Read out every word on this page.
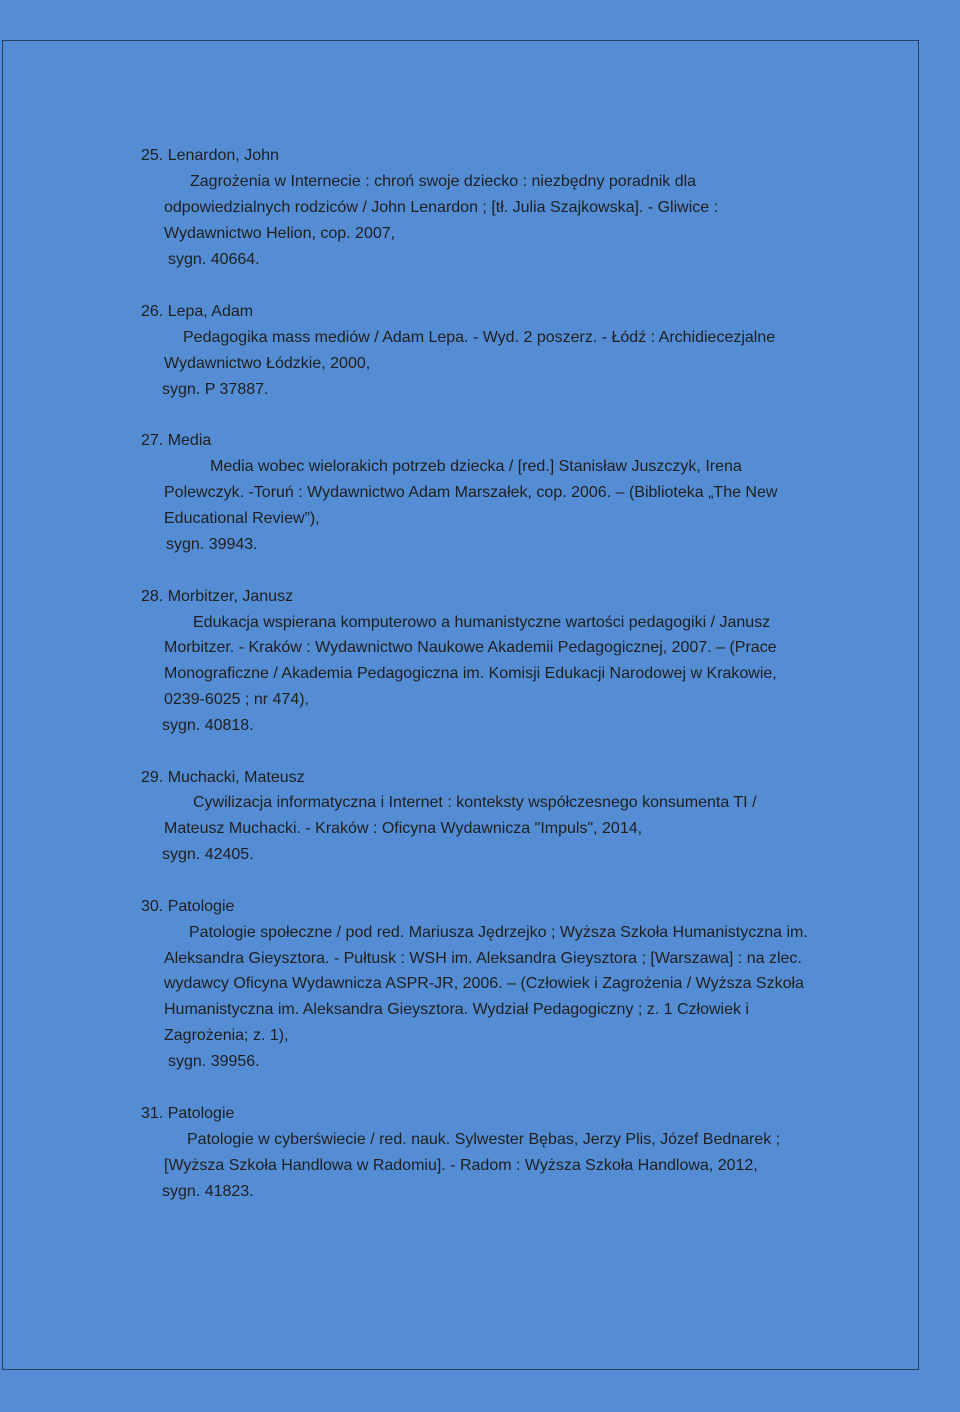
25. Lenardon, John
Zagrożenia w Internecie : chroń swoje dziecko : niezbędny poradnik dla
odpowiedzialnych rodziców / John Lenardon ; [tł. Julia Szajkowska]. - Gliwice :
Wydawnictwo Helion, cop. 2007,
sygn. 40664.
26. Lepa, Adam
Pedagogika mass mediów / Adam Lepa. - Wyd. 2 poszerz. - Łódź : Archidiecezjalne
Wydawnictwo Łódzkie, 2000,
sygn. P 37887.
27. Media
Media wobec wielorakich potrzeb dziecka / [red.] Stanisław Juszczyk, Irena
Polewczyk. -Toruń : Wydawnictwo Adam Marszałek, cop. 2006. – (Biblioteka „The New
Educational Review”),
sygn. 39943.
28. Morbitzer, Janusz
Edukacja wspierana komputerowo a humanistyczne wartości pedagogiki / Janusz
Morbitzer. - Kraków : Wydawnictwo Naukowe Akademii Pedagogicznej, 2007. – (Prace
Monograficzne / Akademia Pedagogiczna im. Komisji Edukacji Narodowej w Krakowie,
0239-6025 ; nr 474),
sygn. 40818.
29. Muchacki, Mateusz
Cywilizacja informatyczna i Internet : konteksty współczesnego konsumenta TI /
Mateusz Muchacki. - Kraków : Oficyna Wydawnicza "Impuls", 2014,
sygn. 42405.
30. Patologie
Patologie społeczne / pod red. Mariusza Jędrzejko ; Wyższa Szkoła Humanistyczna im.
Aleksandra Gieysztora. - Pułtusk : WSH im. Aleksandra Gieysztora ; [Warszawa] : na zlec.
wydawcy Oficyna Wydawnicza ASPR-JR, 2006. – (Człowiek i Zagrożenia / Wyższa Szkoła
Humanistyczna im. Aleksandra Gieysztora. Wydział Pedagogiczny ; z. 1 Człowiek i
Zagrożenia; z. 1),
sygn. 39956.
31. Patologie
Patologie w cyberświecie / red. nauk. Sylwester Bębas, Jerzy Plis, Józef Bednarek ;
[Wyższa Szkoła Handlowa w Radomiu]. - Radom : Wyższa Szkoła Handlowa, 2012,
sygn. 41823.
